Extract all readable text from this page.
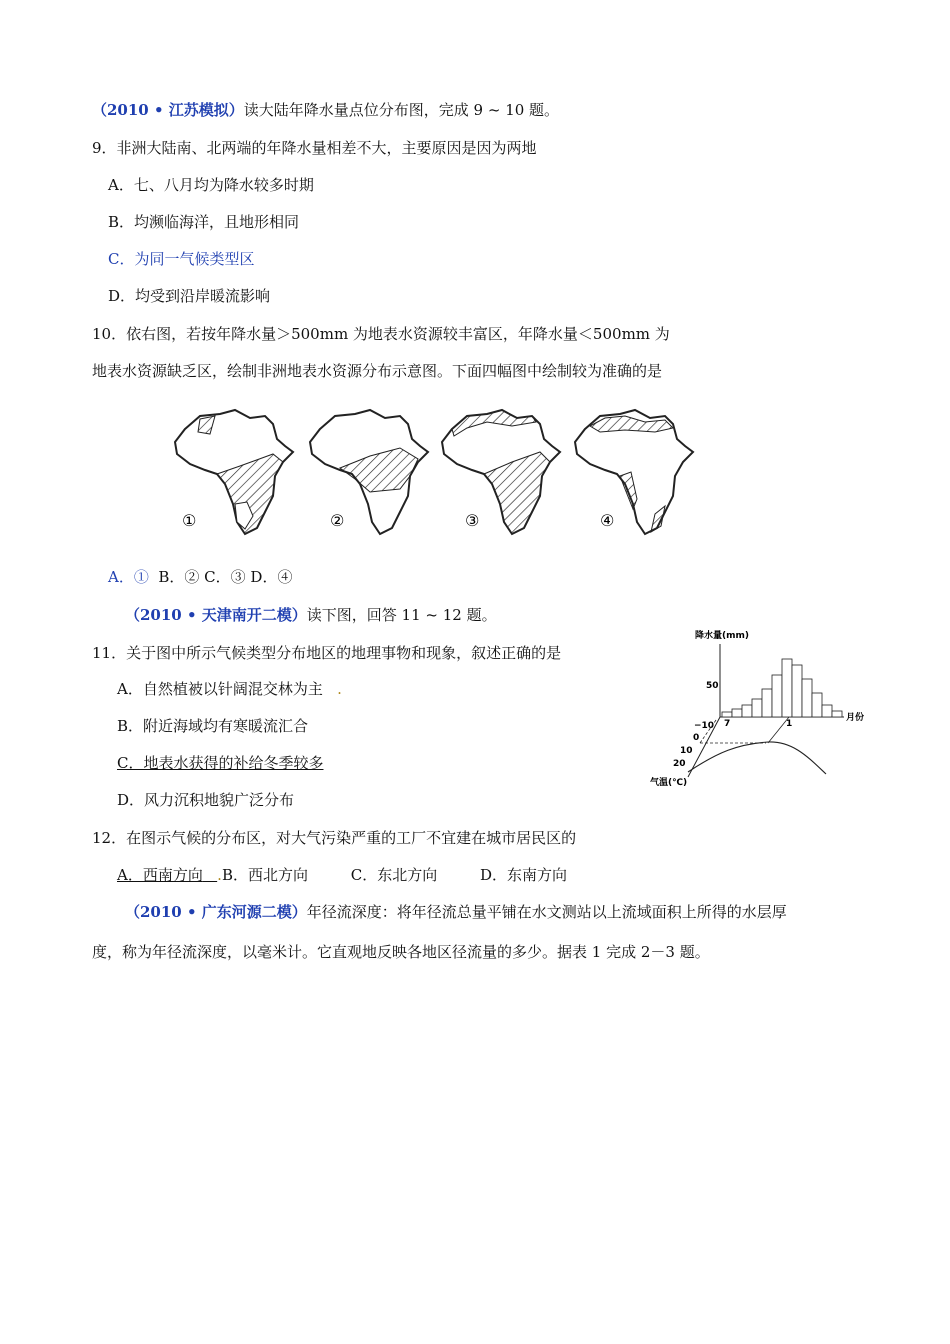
（2010 • 江苏模拟）读大陆年降水量点位分布图，完成 9 ~ 10 题。
9．非洲大陆南、北两端的年降水量相差不大，主要原因是因为两地
A．七、八月均为降水较多时期
B．均濒临海洋，且地形相同
C．为同一气候类型区
D．均受到沿岸暖流影响
10．依右图，若按年降水量＞500mm 为地表水资源较丰富区，年降水量＜500mm 为
地表水资源缺乏区，绘制非洲地表水资源分布示意图。下面四幅图中绘制较为准确的是
①	②	③	④
A．① B．② C．③ D．④
（2010 • 天津南开二模）读下图，回答 11 ~ 12 题。
11．关于图中所示气候类型分布地区的地理事物和现象，叙述正确的是
A．自然植被以针阔混交林为主 .
B．附近海域均有寒暖流汇合
C．地表水获得的补给冬季较多
D．风力沉积地貌广泛分布
12．在图示气候的分布区，对大气污染严重的工厂不宜建在城市居民区的
A．西南方向 .B．西北方向	C．东北方向	D．东南方向
降水量(mm)
50
月份
−10
0
10
20
7	1
气温(℃)
（2010 • 广东河源二模）年径流深度：将年径流总量平铺在水文测站以上流域面积上所得的水层厚
度，称为年径流深度，以毫米计。它直观地反映各地区径流量的多少。据表 1 完成 2－3 题。
